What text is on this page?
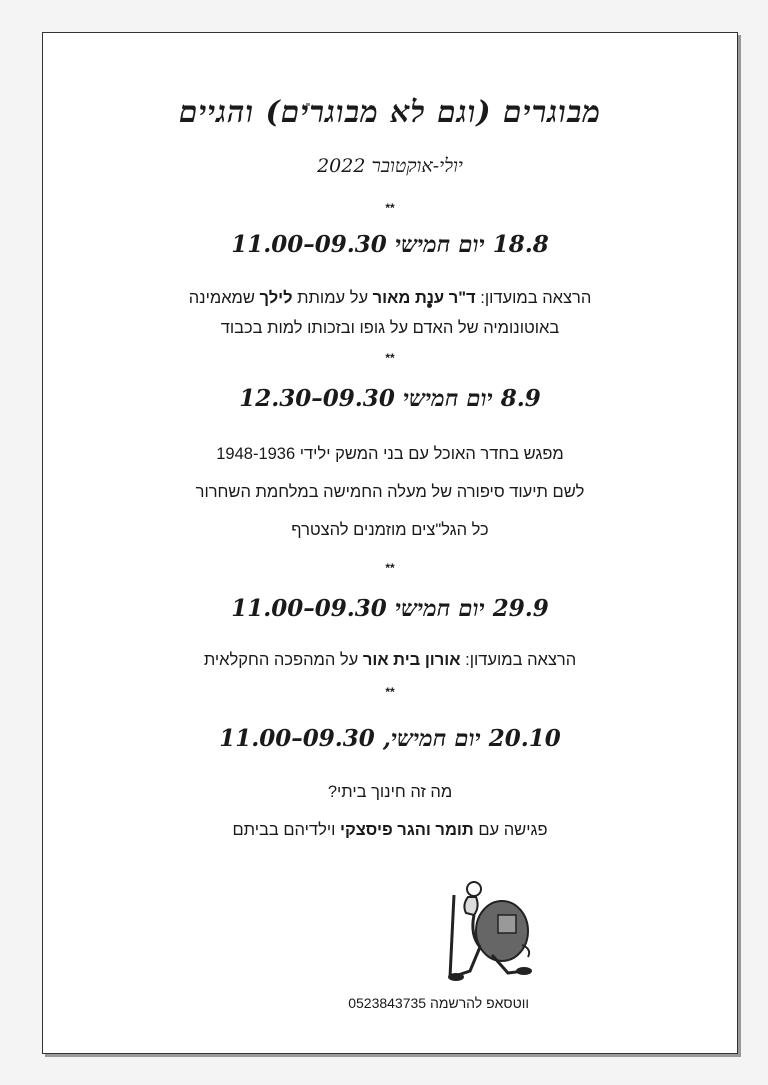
מבוגרים (וגם לא מבוגרים) והגיים
יולי-אוקטובר 2022
**
18.8 יום חמישי 09.30–11.00
הרצאה במועדון: ד"ר ענת מאור על עמותת לילך שמאמינה
באוטונומיה של האדם על גופו ובזכותו למות בכבוד
**
8.9 יום חמישי 09.30–12.30
מפגש בחדר האוכל עם בני המשק ילידי 1948-1936
לשם תיעוד סיפורה של מעלה החמישה במלחמת השחרור
כל הגל"צים מוזמנים להצטרף
**
29.9 יום חמישי 09.30–11.00
הרצאה במועדון: אורון בית אור על המהפכה החקלאית
**
20.10 יום חמישי, 09.30–11.00
מה זה חינוך ביתי?
פגישה עם תומר והגר פיסצקי וילדיהם בביתם
ווטסאפ להרשמה 0523843735
